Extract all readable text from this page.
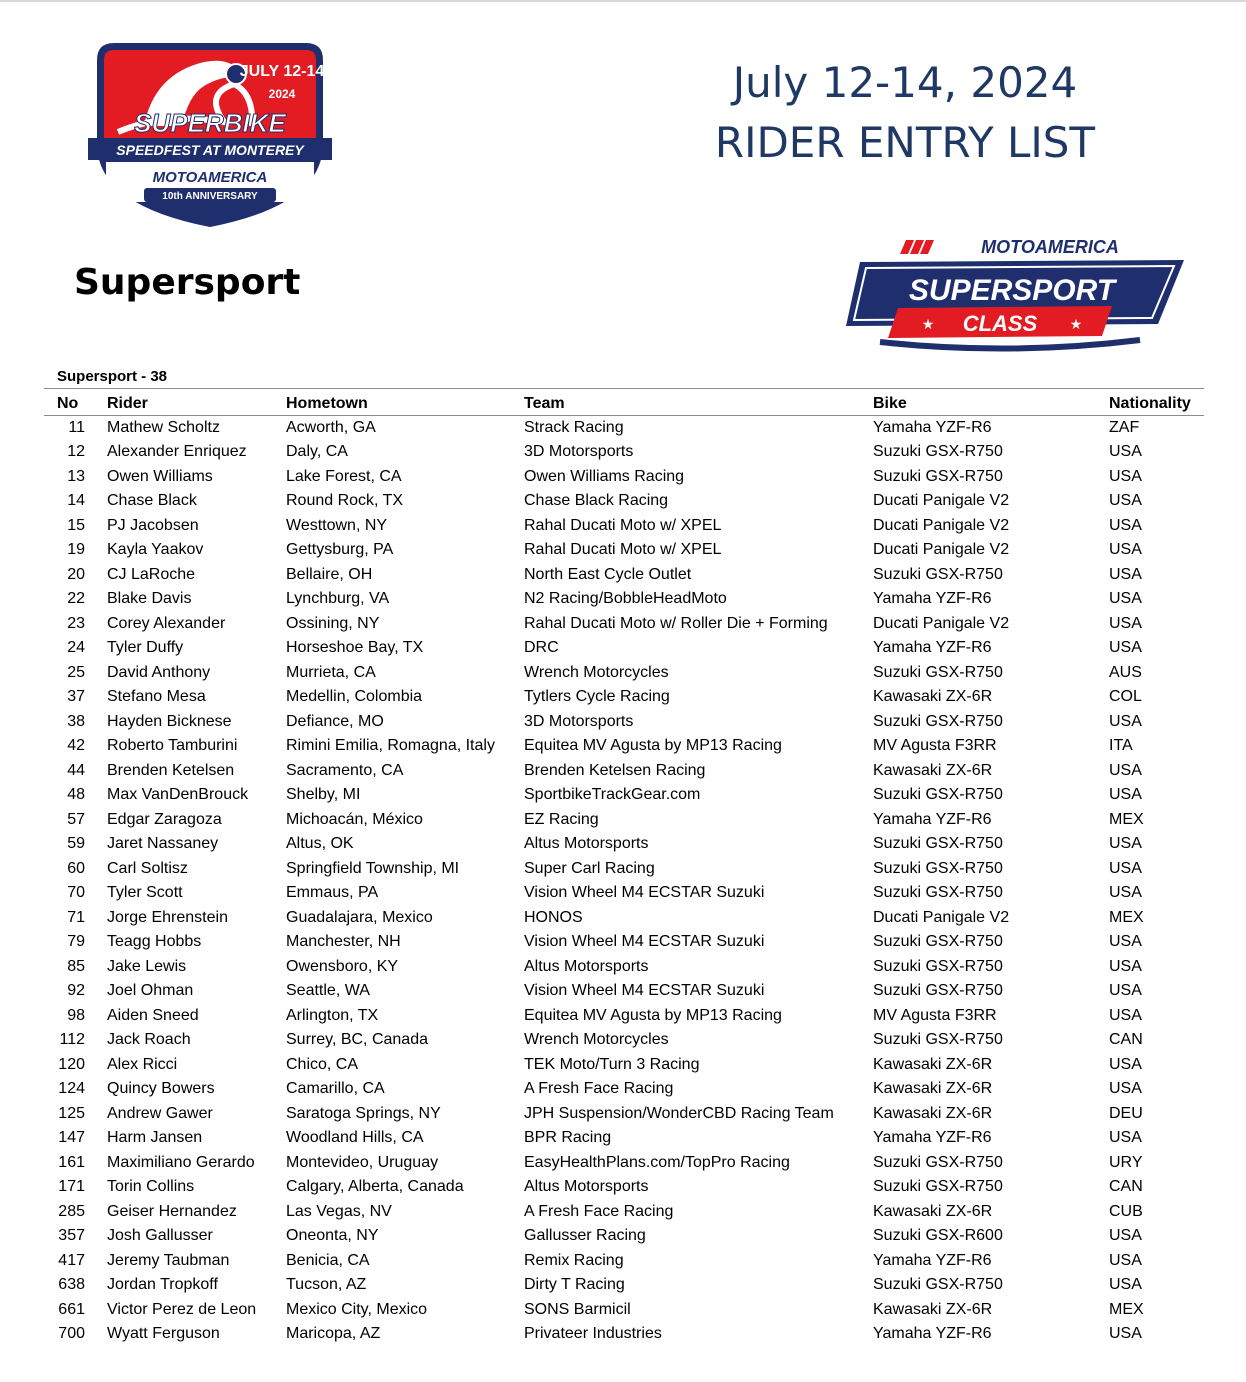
JULY 12-14
2024
SUPERBIKE
SPEEDFEST AT MONTEREY
MOTOAMERICA
10th ANNIVERSARY
July 12-14, 2024
RIDER ENTRY LIST
Supersport
MOTOAMERICA
SUPERSPORT
CLASS
★	★
Supersport - 38
No	Rider	Hometown	Team	Bike	Nationality
11	Mathew Scholtz	Acworth, GA	Strack Racing	Yamaha YZF-R6	ZAF
12	Alexander Enriquez	Daly, CA	3D Motorsports	Suzuki GSX-R750	USA
13	Owen Williams	Lake Forest, CA	Owen Williams Racing	Suzuki GSX-R750	USA
14	Chase Black	Round Rock, TX	Chase Black Racing	Ducati Panigale V2	USA
15	PJ Jacobsen	Westtown, NY	Rahal Ducati Moto w/ XPEL	Ducati Panigale V2	USA
19	Kayla Yaakov	Gettysburg, PA	Rahal Ducati Moto w/ XPEL	Ducati Panigale V2	USA
20	CJ LaRoche	Bellaire, OH	North East Cycle Outlet	Suzuki GSX-R750	USA
22	Blake Davis	Lynchburg, VA	N2 Racing/BobbleHeadMoto	Yamaha YZF-R6	USA
23	Corey Alexander	Ossining, NY	Rahal Ducati Moto w/ Roller Die + Forming	Ducati Panigale V2	USA
24	Tyler Duffy	Horseshoe Bay, TX	DRC	Yamaha YZF-R6	USA
25	David Anthony	Murrieta, CA	Wrench Motorcycles	Suzuki GSX-R750	AUS
37	Stefano Mesa	Medellin, Colombia	Tytlers Cycle Racing	Kawasaki ZX-6R	COL
38	Hayden Bicknese	Defiance, MO	3D Motorsports	Suzuki GSX-R750	USA
42	Roberto Tamburini	Rimini Emilia, Romagna, Italy	Equitea MV Agusta by MP13 Racing	MV Agusta F3RR	ITA
44	Brenden Ketelsen	Sacramento, CA	Brenden Ketelsen Racing	Kawasaki ZX-6R	USA
48	Max VanDenBrouck	Shelby, MI	SportbikeTrackGear.com	Suzuki GSX-R750	USA
57	Edgar Zaragoza	Michoacán, México	EZ Racing	Yamaha YZF-R6	MEX
59	Jaret Nassaney	Altus, OK	Altus Motorsports	Suzuki GSX-R750	USA
60	Carl Soltisz	Springfield Township, MI	Super Carl Racing	Suzuki GSX-R750	USA
70	Tyler Scott	Emmaus, PA	Vision Wheel M4 ECSTAR Suzuki	Suzuki GSX-R750	USA
71	Jorge Ehrenstein	Guadalajara, Mexico	HONOS	Ducati Panigale V2	MEX
79	Teagg Hobbs	Manchester, NH	Vision Wheel M4 ECSTAR Suzuki	Suzuki GSX-R750	USA
85	Jake Lewis	Owensboro, KY	Altus Motorsports	Suzuki GSX-R750	USA
92	Joel Ohman	Seattle, WA	Vision Wheel M4 ECSTAR Suzuki	Suzuki GSX-R750	USA
98	Aiden Sneed	Arlington, TX	Equitea MV Agusta by MP13 Racing	MV Agusta F3RR	USA
112	Jack Roach	Surrey, BC, Canada	Wrench Motorcycles	Suzuki GSX-R750	CAN
120	Alex Ricci	Chico, CA	TEK Moto/Turn 3 Racing	Kawasaki ZX-6R	USA
124	Quincy Bowers	Camarillo, CA	A Fresh Face Racing	Kawasaki ZX-6R	USA
125	Andrew Gawer	Saratoga Springs, NY	JPH Suspension/WonderCBD Racing Team	Kawasaki ZX-6R	DEU
147	Harm Jansen	Woodland Hills, CA	BPR Racing	Yamaha YZF-R6	USA
161	Maximiliano Gerardo	Montevideo, Uruguay	EasyHealthPlans.com/TopPro Racing	Suzuki GSX-R750	URY
171	Torin Collins	Calgary, Alberta, Canada	Altus Motorsports	Suzuki GSX-R750	CAN
285	Geiser Hernandez	Las Vegas, NV	A Fresh Face Racing	Kawasaki ZX-6R	CUB
357	Josh Gallusser	Oneonta, NY	Gallusser Racing	Suzuki GSX-R600	USA
417	Jeremy Taubman	Benicia, CA	Remix Racing	Yamaha YZF-R6	USA
638	Jordan Tropkoff	Tucson, AZ	Dirty T Racing	Suzuki GSX-R750	USA
661	Victor Perez de Leon	Mexico City, Mexico	SONS Barmicil	Kawasaki ZX-6R	MEX
700	Wyatt Ferguson	Maricopa, AZ	Privateer Industries	Yamaha YZF-R6	USA
